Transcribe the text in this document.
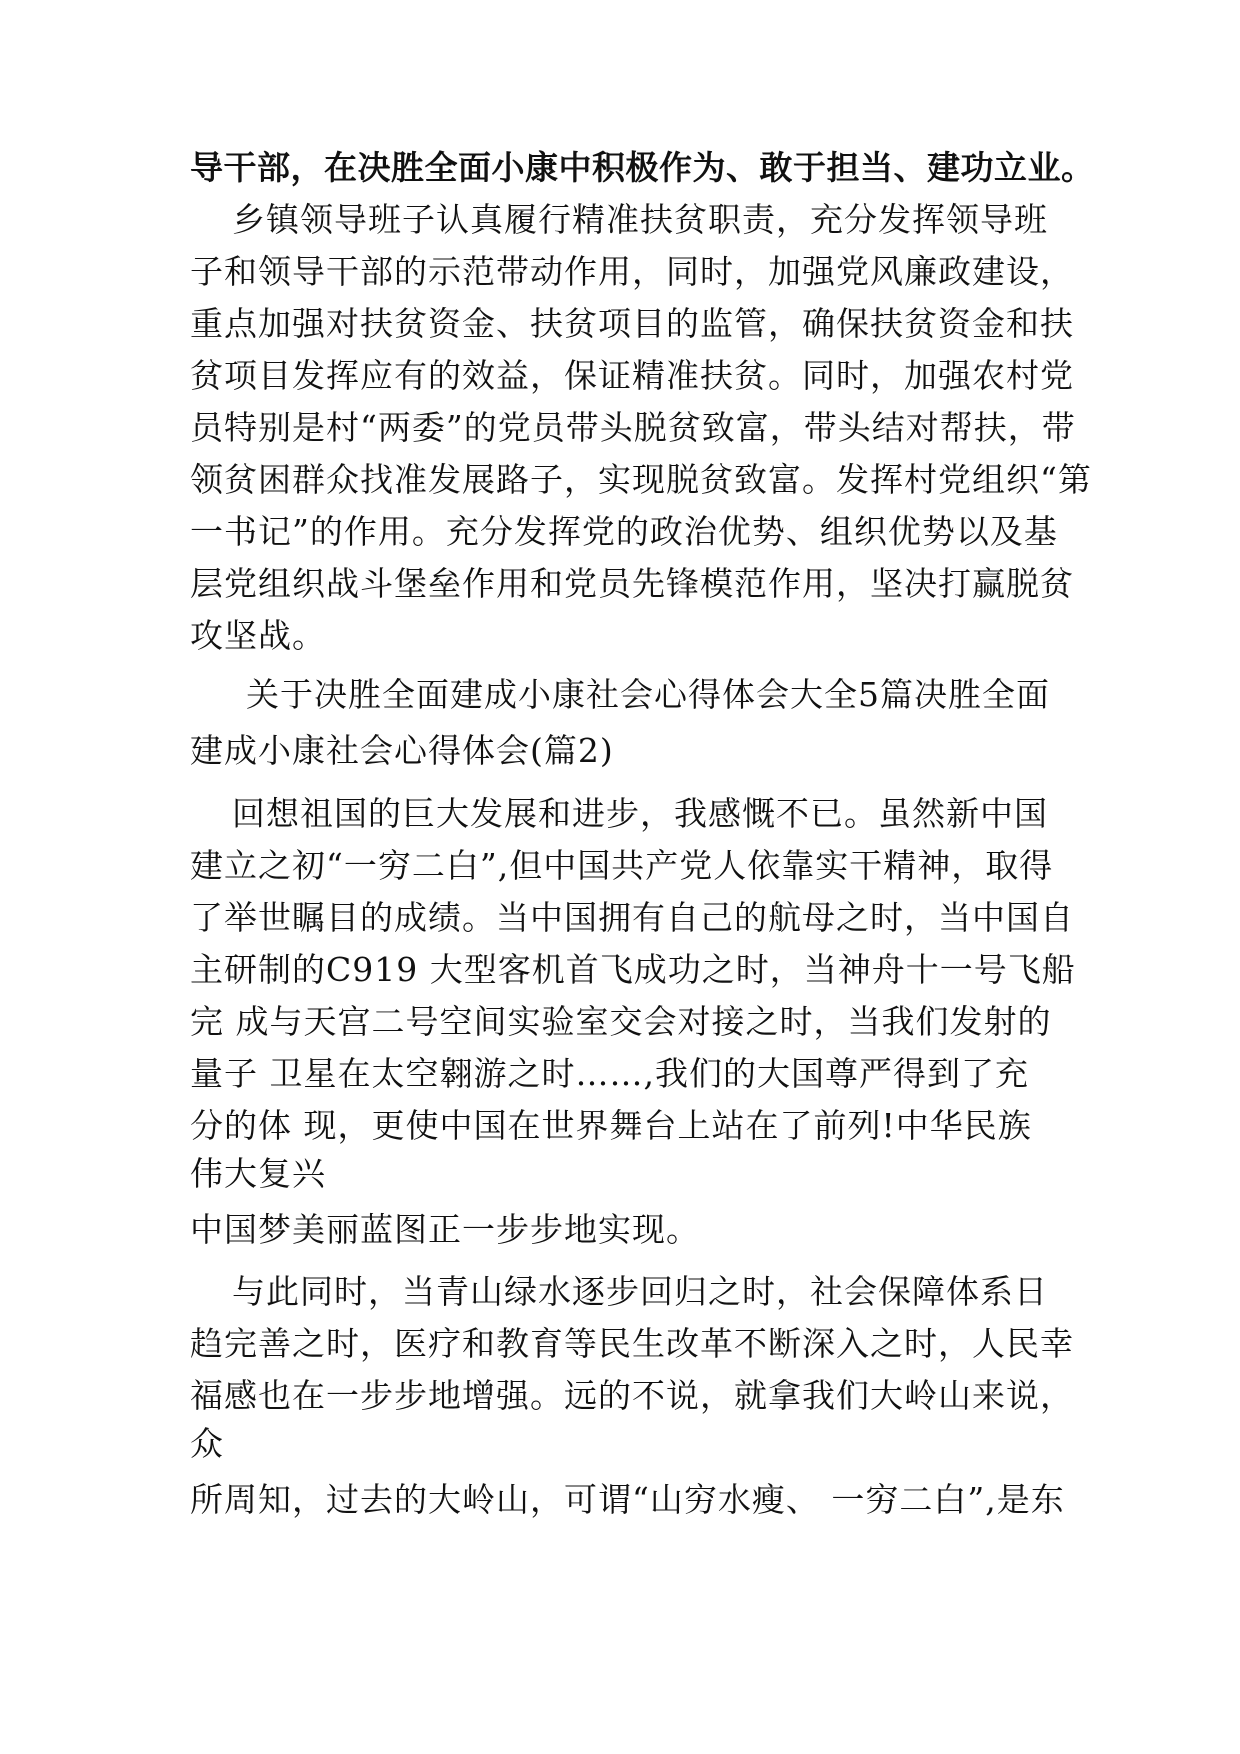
导干部，在决胜全面小康中积极作为、敢于担当、建功立业。
乡镇领导班子认真履行精准扶贫职责，充分发挥领导班
子和领导干部的示范带动作用，同时，加强党风廉政建设，
重点加强对扶贫资金、扶贫项目的监管，确保扶贫资金和扶
贫项目发挥应有的效益，保证精准扶贫。同时，加强农村党
员特别是村“两委”的党员带头脱贫致富，带头结对帮扶，带
领贫困群众找准发展路子，实现脱贫致富。发挥村党组织“第
一书记”的作用。充分发挥党的政治优势、组织优势以及基
层党组织战斗堡垒作用和党员先锋模范作用，坚决打赢脱贫
攻坚战。
关于决胜全面建成小康社会心得体会大全5篇决胜全面
建成小康社会心得体会(篇2)
回想祖国的巨大发展和进步，我感慨不已。虽然新中国
建立之初“一穷二白”,但中国共产党人依靠实干精神，取得
了举世瞩目的成绩。当中国拥有自己的航母之时，当中国自
主研制的C919 大型客机首飞成功之时，当神舟十一号飞船
完 成与天宫二号空间实验室交会对接之时，当我们发射的
量子 卫星在太空翱游之时……,我们的大国尊严得到了充
分的体 现，更使中国在世界舞台上站在了前列!中华民族
伟大复兴
中国梦美丽蓝图正一步步地实现。
与此同时，当青山绿水逐步回归之时，社会保障体系日
趋完善之时，医疗和教育等民生改革不断深入之时，人民幸
福感也在一步步地增强。远的不说，就拿我们大岭山来说，
众
所周知，过去的大岭山，可谓“山穷水瘦、 一穷二白”,是东
